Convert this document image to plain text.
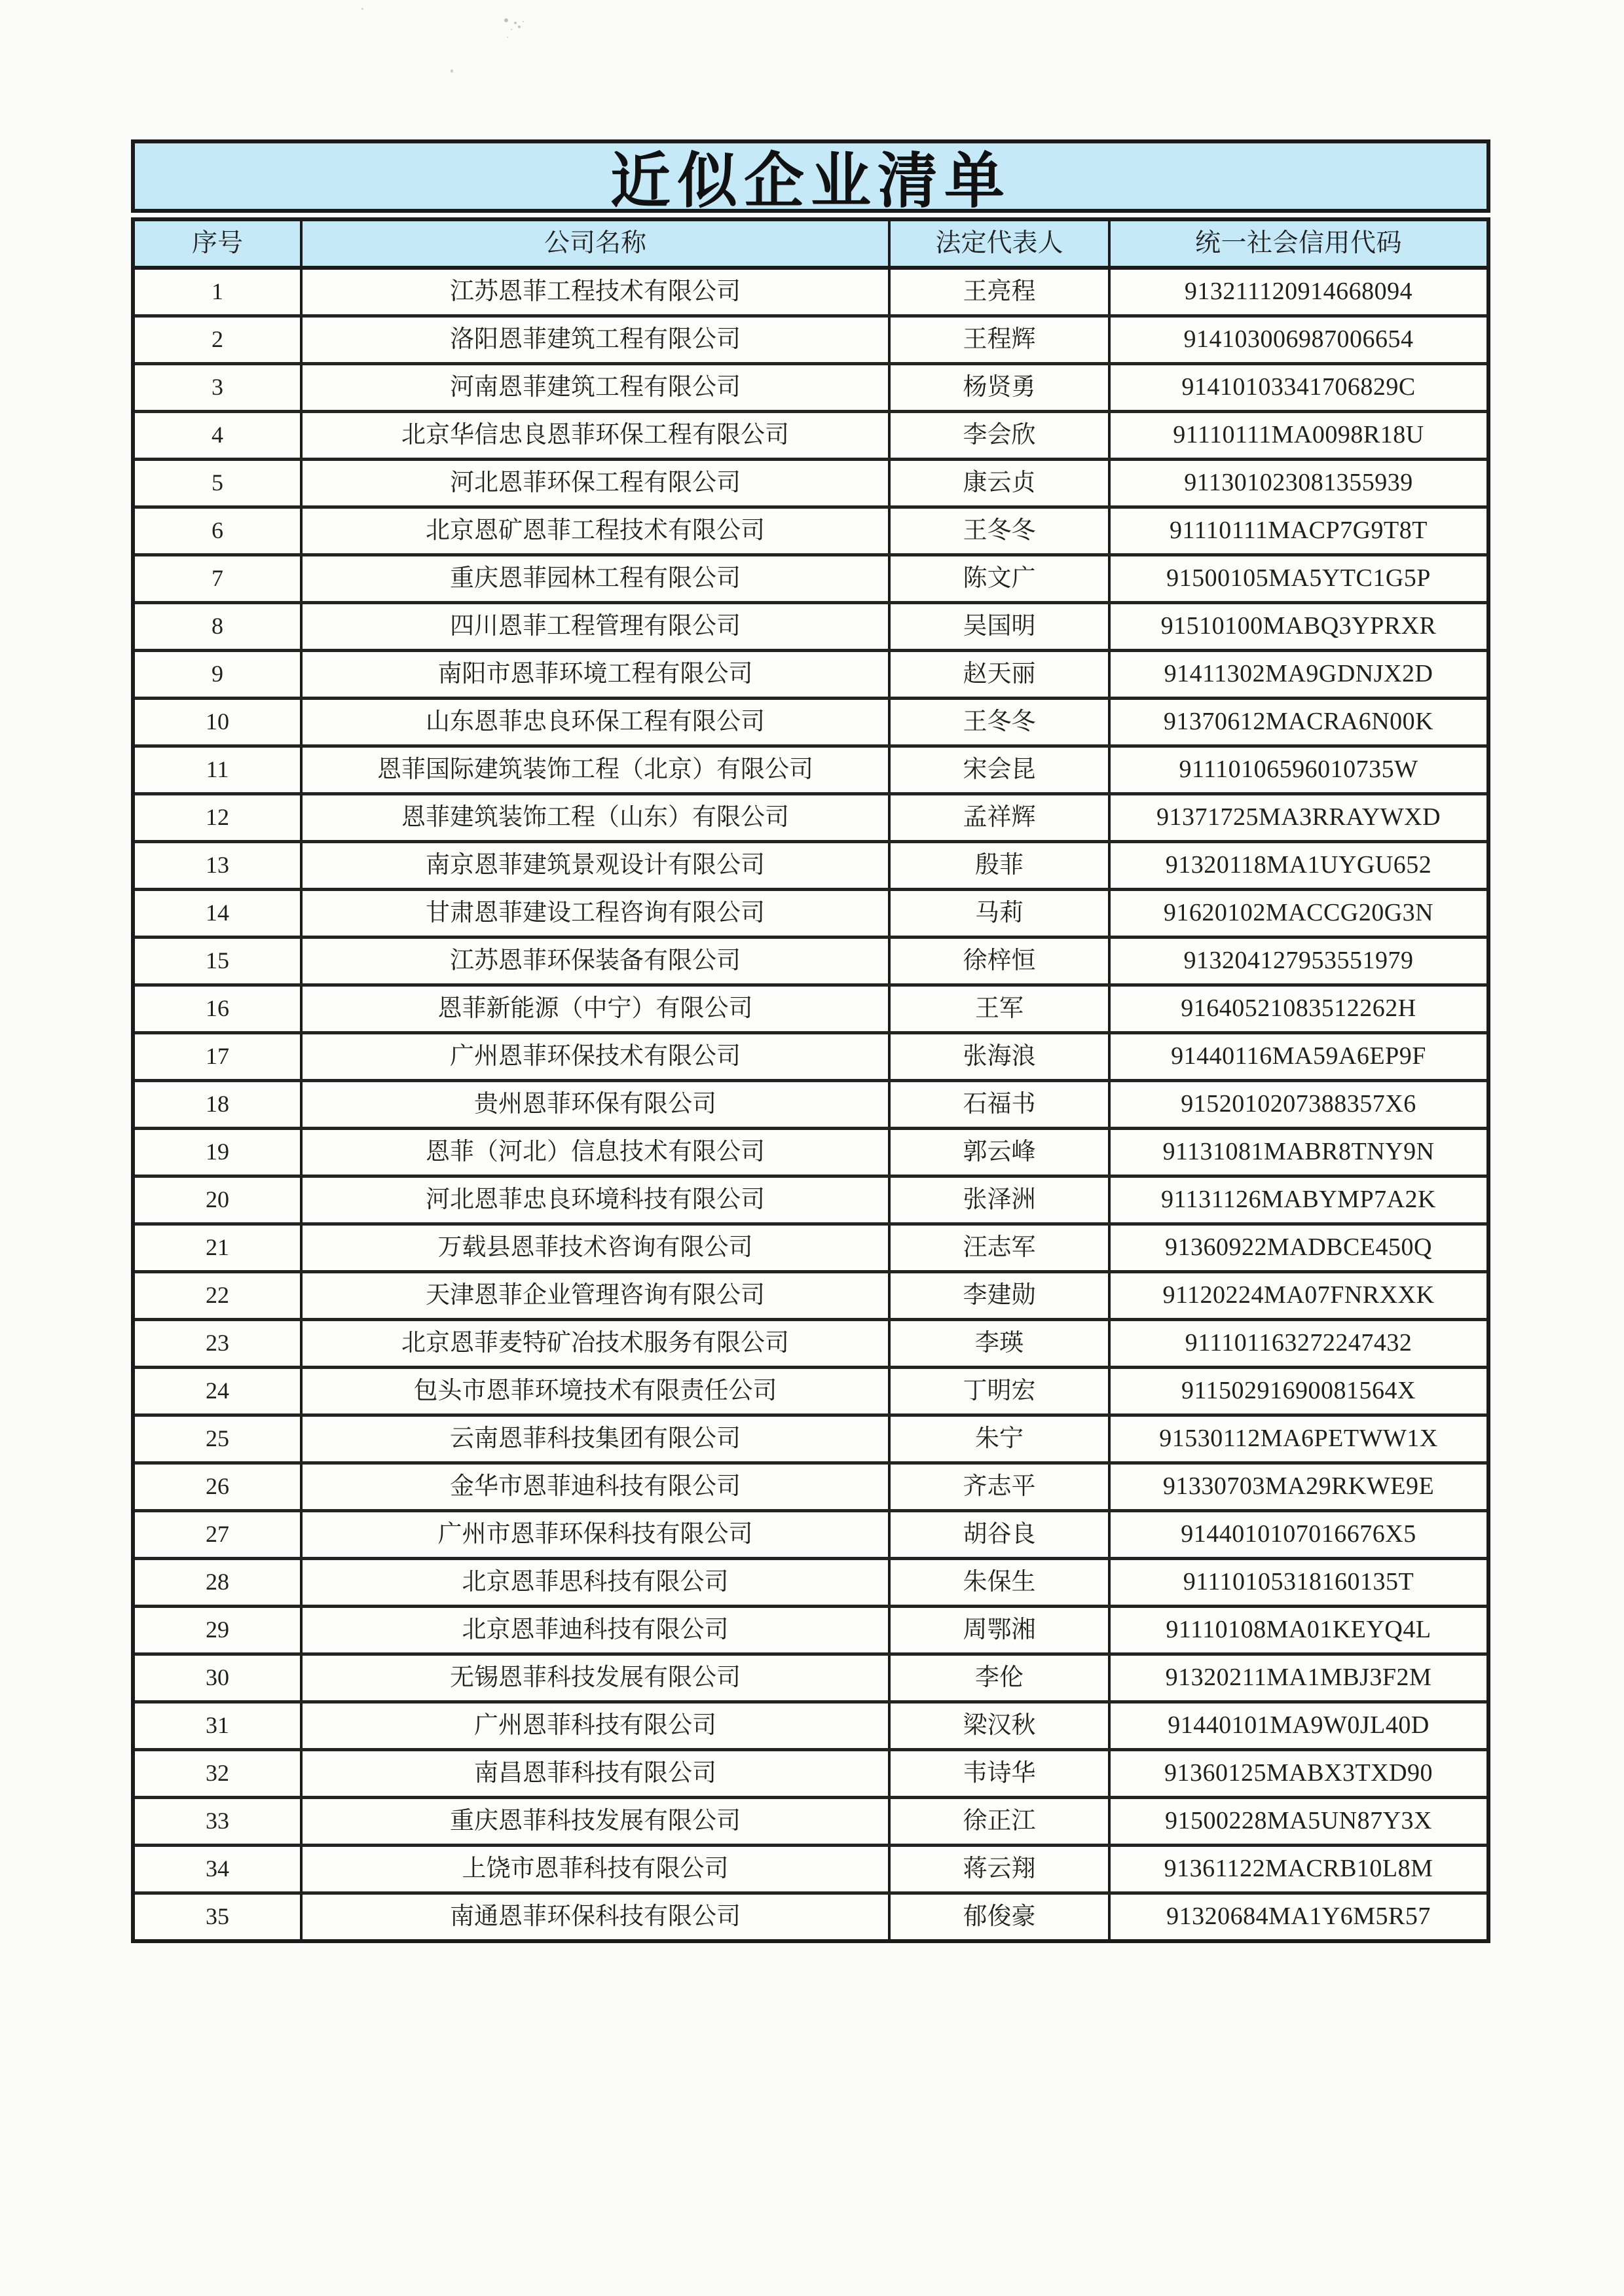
近似企业清单
序号	公司名称	法定代表人	统一社会信用代码
1	江苏恩菲工程技术有限公司	王亮程	913211120914668094
2	洛阳恩菲建筑工程有限公司	王程辉	914103006987006654
3	河南恩菲建筑工程有限公司	杨贤勇	91410103341706829C
4	北京华信忠良恩菲环保工程有限公司	李会欣	91110111MA0098R18U
5	河北恩菲环保工程有限公司	康云贞	911301023081355939
6	北京恩矿恩菲工程技术有限公司	王冬冬	91110111MACP7G9T8T
7	重庆恩菲园林工程有限公司	陈文广	91500105MA5YTC1G5P
8	四川恩菲工程管理有限公司	吴国明	91510100MABQ3YPRXR
9	南阳市恩菲环境工程有限公司	赵天丽	91411302MA9GDNJX2D
10	山东恩菲忠良环保工程有限公司	王冬冬	91370612MACRA6N00K
11	恩菲国际建筑装饰工程（北京）有限公司	宋会昆	91110106596010735W
12	恩菲建筑装饰工程（山东）有限公司	孟祥辉	91371725MA3RRAYWXD
13	南京恩菲建筑景观设计有限公司	殷菲	91320118MA1UYGU652
14	甘肃恩菲建设工程咨询有限公司	马莉	91620102MACCG20G3N
15	江苏恩菲环保装备有限公司	徐梓恒	913204127953551979
16	恩菲新能源（中宁）有限公司	王军	91640521083512262H
17	广州恩菲环保技术有限公司	张海浪	91440116MA59A6EP9F
18	贵州恩菲环保有限公司	石福书	9152010207388357X6
19	恩菲（河北）信息技术有限公司	郭云峰	91131081MABR8TNY9N
20	河北恩菲忠良环境科技有限公司	张泽洲	91131126MABYMP7A2K
21	万载县恩菲技术咨询有限公司	汪志军	91360922MADBCE450Q
22	天津恩菲企业管理咨询有限公司	李建勋	91120224MA07FNRXXK
23	北京恩菲麦特矿冶技术服务有限公司	李瑛	911101163272247432
24	包头市恩菲环境技术有限责任公司	丁明宏	91150291690081564X
25	云南恩菲科技集团有限公司	朱宁	91530112MA6PETWW1X
26	金华市恩菲迪科技有限公司	齐志平	91330703MA29RKWE9E
27	广州市恩菲环保科技有限公司	胡谷良	9144010107016676X5
28	北京恩菲思科技有限公司	朱保生	91110105318160135T
29	北京恩菲迪科技有限公司	周鄂湘	91110108MA01KEYQ4L
30	无锡恩菲科技发展有限公司	李伦	91320211MA1MBJ3F2M
31	广州恩菲科技有限公司	梁汉秋	91440101MA9W0JL40D
32	南昌恩菲科技有限公司	韦诗华	91360125MABX3TXD90
33	重庆恩菲科技发展有限公司	徐正江	91500228MA5UN87Y3X
34	上饶市恩菲科技有限公司	蒋云翔	91361122MACRB10L8M
35	南通恩菲环保科技有限公司	郁俊豪	91320684MA1Y6M5R57
